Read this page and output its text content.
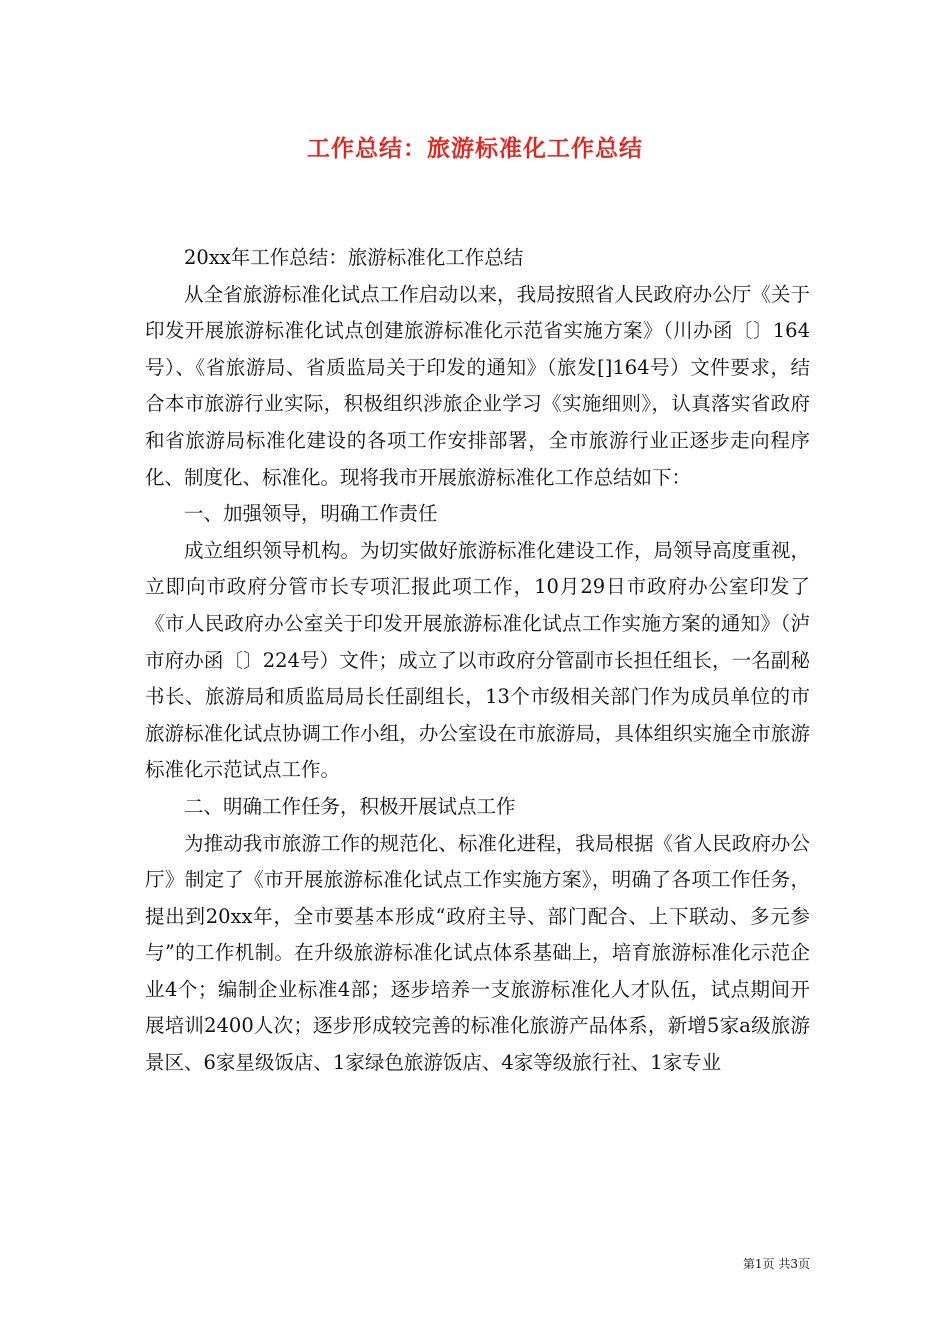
工作总结：旅游标准化工作总结

20xx年工作总结：旅游标准化工作总结

从全省旅游标准化试点工作启动以来，我局按照省人民政府办公厅《关于印发开展旅游标准化试点创建旅游标准化示范省实施方案》（川办函〔〕164号）、《省旅游局、省质监局关于印发的通知》（旅发[]164号）文件要求，结合本市旅游行业实际，积极组织涉旅企业学习《实施细则》，认真落实省政府和省旅游局标准化建设的各项工作安排部署，全市旅游行业正逐步走向程序化、制度化、标准化。现将我市开展旅游标准化工作总结如下：

一、加强领导，明确工作责任

成立组织领导机构。为切实做好旅游标准化建设工作，局领导高度重视，立即向市政府分管市长专项汇报此项工作，10月29日市政府办公室印发了《市人民政府办公室关于印发开展旅游标准化试点工作实施方案的通知》（泸市府办函〔〕224号）文件；成立了以市政府分管副市长担任组长，一名副秘书长、旅游局和质监局局长任副组长，13个市级相关部门作为成员单位的市旅游标准化试点协调工作小组，办公室设在市旅游局，具体组织实施全市旅游标准化示范试点工作。

二、明确工作任务，积极开展试点工作

为推动我市旅游工作的规范化、标准化进程，我局根据《省人民政府办公厅》制定了《市开展旅游标准化试点工作实施方案》，明确了各项工作任务，提出到20xx年，全市要基本形成“政府主导、部门配合、上下联动、多元参与”的工作机制。在升级旅游标准化试点体系基础上，培育旅游标准化示范企业4个；编制企业标准4部；逐步培养一支旅游标准化人才队伍，试点期间开展培训2400人次；逐步形成较完善的标准化旅游产品体系，新增5家a级旅游景区、6家星级饭店、1家绿色旅游饭店、4家等级旅行社、1家专业

第1页 共3页
